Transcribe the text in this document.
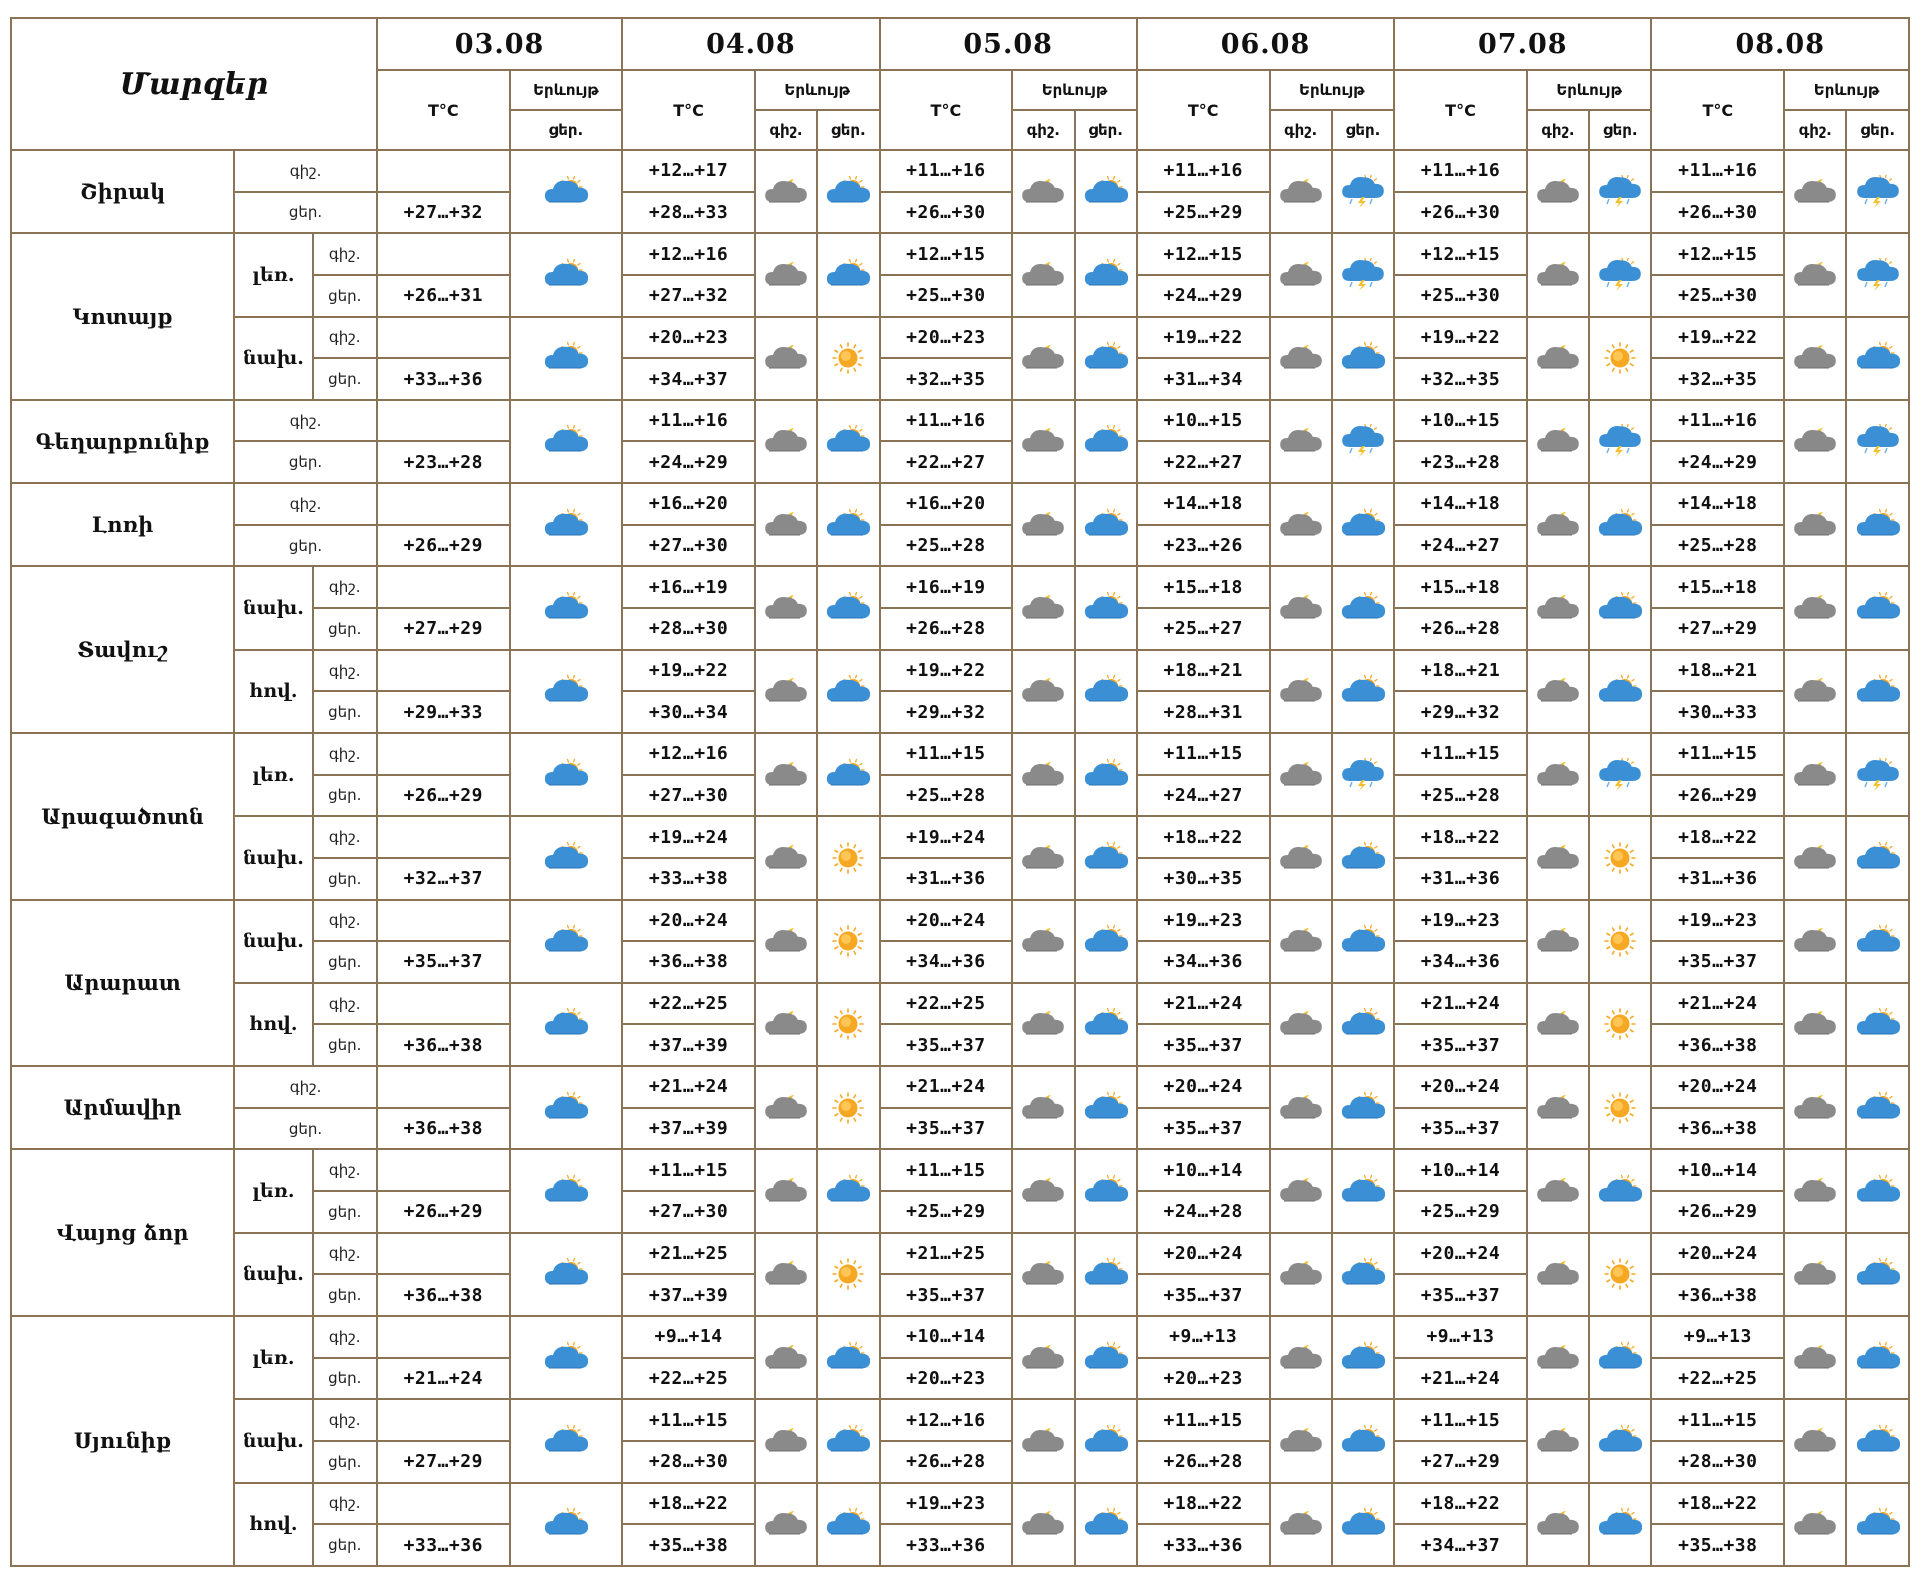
Մարզեր			03.08		04.08			05.08			06.08			07.08			08.08		
			T°C	Երևույթ	T°C	Երևույթ		T°C	Երևույթ		T°C	Երևույթ		T°C	Երևույթ		T°C	Երևույթ	
				ցեր.		գիշ.	ցեր.		գիշ.	ցեր.		գիշ.	ցեր.		գիշ.	ցեր.		գիշ.	ցեր.
Շիրակ	գիշ.				+12…+17			+11…+16			+11…+16			+11…+16			+11…+16		
	ցեր.		+27…+32		+28…+33			+26…+30			+25…+29			+26…+30			+26…+30		
Կոտայք	լեռ.	գիշ.			+12…+16			+12…+15			+12…+15			+12…+15			+12…+15		
		ցեր.	+26…+31		+27…+32			+25…+30			+24…+29			+25…+30			+25…+30		
	նախ.	գիշ.			+20…+23			+20…+23			+19…+22			+19…+22			+19…+22		
		ցեր.	+33…+36		+34…+37			+32…+35			+31…+34			+32…+35			+32…+35		
Գեղարքունիք	գիշ.				+11…+16			+11…+16			+10…+15			+10…+15			+11…+16		
	ցեր.		+23…+28		+24…+29			+22…+27			+22…+27			+23…+28			+24…+29		
Լոռի	գիշ.				+16…+20			+16…+20			+14…+18			+14…+18			+14…+18		
	ցեր.		+26…+29		+27…+30			+25…+28			+23…+26			+24…+27			+25…+28		
Տավուշ	նախ.	գիշ.			+16…+19			+16…+19			+15…+18			+15…+18			+15…+18		
		ցեր.	+27…+29		+28…+30			+26…+28			+25…+27			+26…+28			+27…+29		
	հով.	գիշ.			+19…+22			+19…+22			+18…+21			+18…+21			+18…+21		
		ցեր.	+29…+33		+30…+34			+29…+32			+28…+31			+29…+32			+30…+33		
Արագածոտն	լեռ.	գիշ.			+12…+16			+11…+15			+11…+15			+11…+15			+11…+15		
		ցեր.	+26…+29		+27…+30			+25…+28			+24…+27			+25…+28			+26…+29		
	նախ.	գիշ.			+19…+24			+19…+24			+18…+22			+18…+22			+18…+22		
		ցեր.	+32…+37		+33…+38			+31…+36			+30…+35			+31…+36			+31…+36		
Արարատ	նախ.	գիշ.			+20…+24			+20…+24			+19…+23			+19…+23			+19…+23		
		ցեր.	+35…+37		+36…+38			+34…+36			+34…+36			+34…+36			+35…+37		
	հով.	գիշ.			+22…+25			+22…+25			+21…+24			+21…+24			+21…+24		
		ցեր.	+36…+38		+37…+39			+35…+37			+35…+37			+35…+37			+36…+38		
Արմավիր	գիշ.				+21…+24			+21…+24			+20…+24			+20…+24			+20…+24		
	ցեր.		+36…+38		+37…+39			+35…+37			+35…+37			+35…+37			+36…+38		
Վայոց ձոր	լեռ.	գիշ.			+11…+15			+11…+15			+10…+14			+10…+14			+10…+14		
		ցեր.	+26…+29		+27…+30			+25…+29			+24…+28			+25…+29			+26…+29		
	նախ.	գիշ.			+21…+25			+21…+25			+20…+24			+20…+24			+20…+24		
		ցեր.	+36…+38		+37…+39			+35…+37			+35…+37			+35…+37			+36…+38		
Սյունիք	լեռ.	գիշ.			+9…+14			+10…+14			+9…+13			+9…+13			+9…+13		
		ցեր.	+21…+24		+22…+25			+20…+23			+20…+23			+21…+24			+22…+25		
	նախ.	գիշ.			+11…+15			+12…+16			+11…+15			+11…+15			+11…+15		
		ցեր.	+27…+29		+28…+30			+26…+28			+26…+28			+27…+29			+28…+30		
	հով.	գիշ.			+18…+22			+19…+23			+18…+22			+18…+22			+18…+22		
		ցեր.	+33…+36		+35…+38			+33…+36			+33…+36			+34…+37			+35…+38		
